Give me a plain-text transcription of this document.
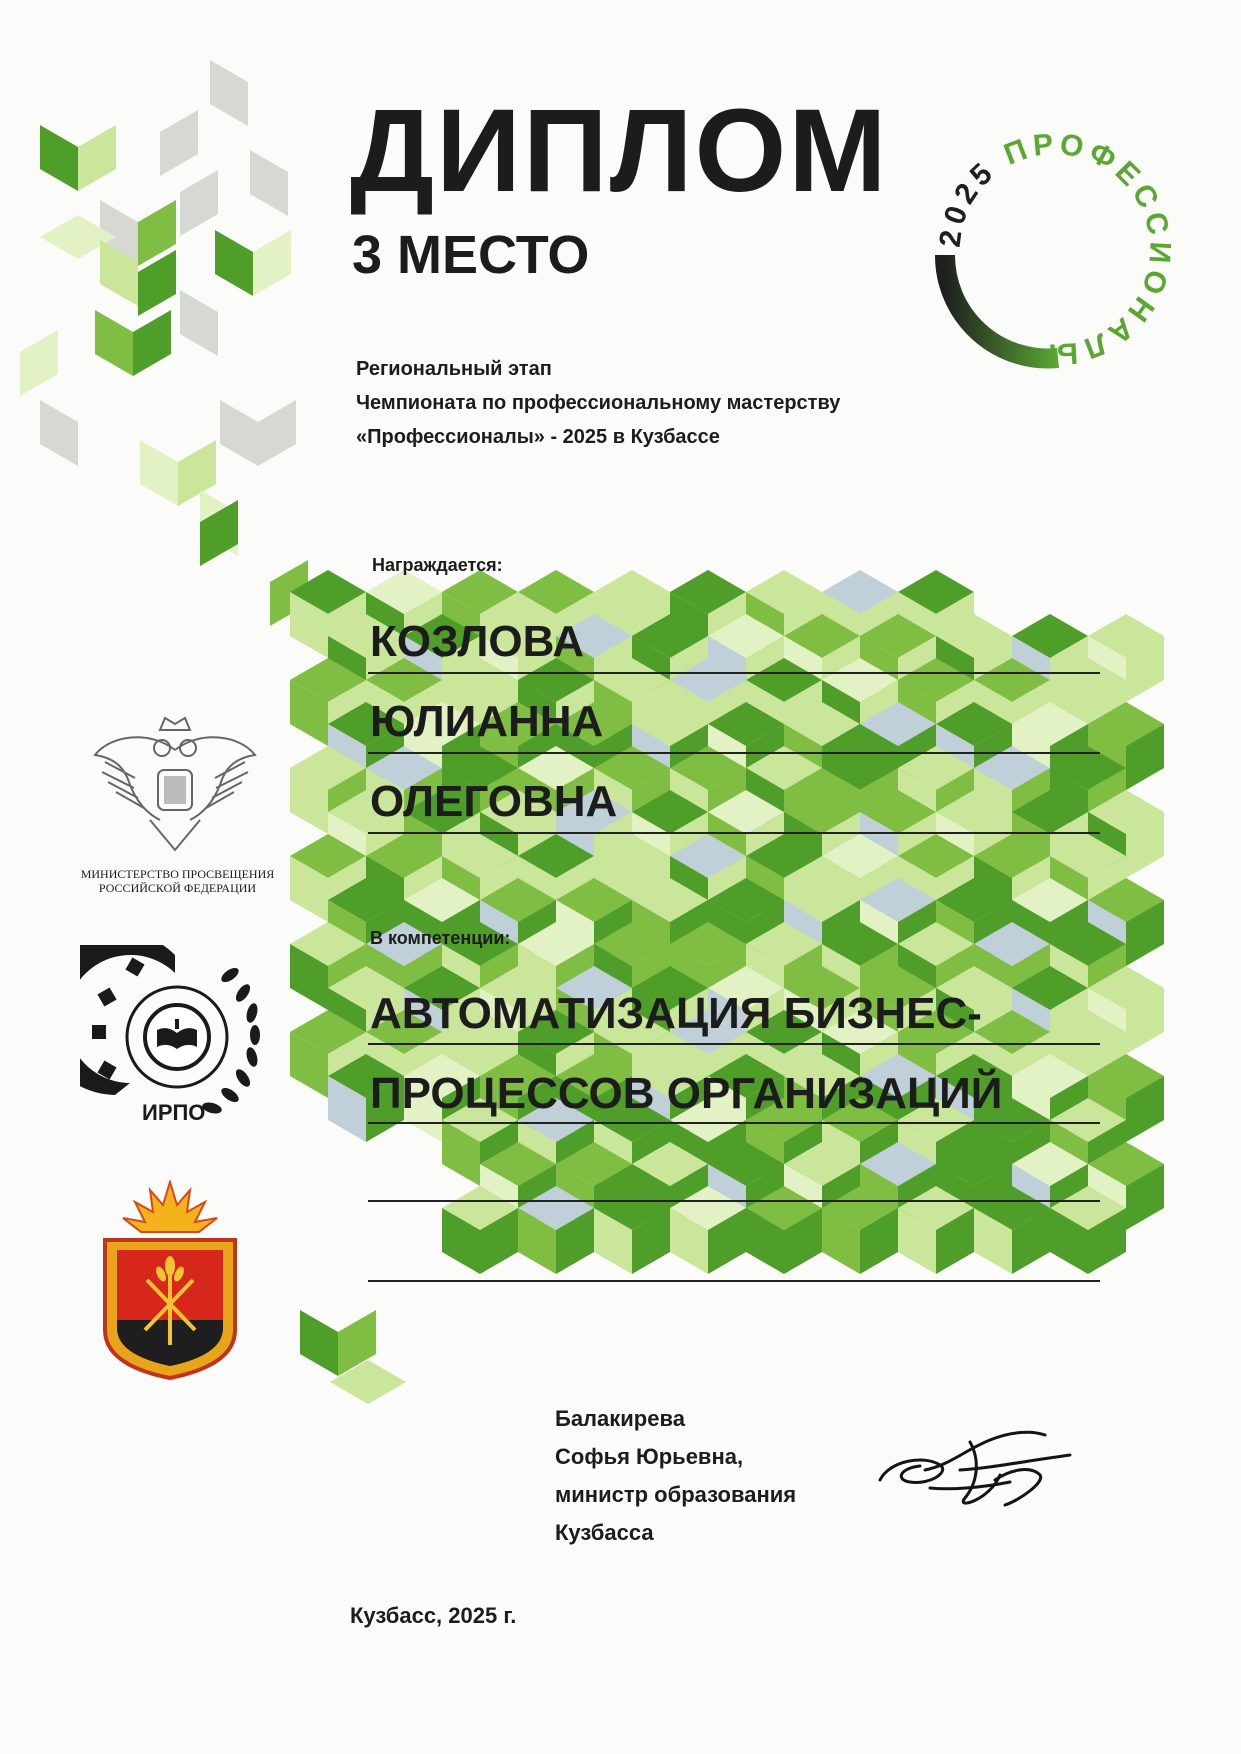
ДИПЛОМ
3 МЕСТО
Региональный этап
Чемпионата по профессиональному мастерству
«Профессионалы» - 2025 в Кузбассе
2025 ПРОФЕССИОНАЛЫ
Награждается:
КОЗЛОВА
ЮЛИАННА
ОЛЕГОВНА
В компетенции:
АВТОМАТИЗАЦИЯ БИЗНЕС-
ПРОЦЕССОВ ОРГАНИЗАЦИЙ
МИНИСТЕРСТВО ПРОСВЕЩЕНИЯ
РОССИЙСКОЙ ФЕДЕРАЦИИ
ИРПО
Балакирева
Софья Юрьевна,
министр образования
Кузбасса
Кузбасс, 2025 г.
